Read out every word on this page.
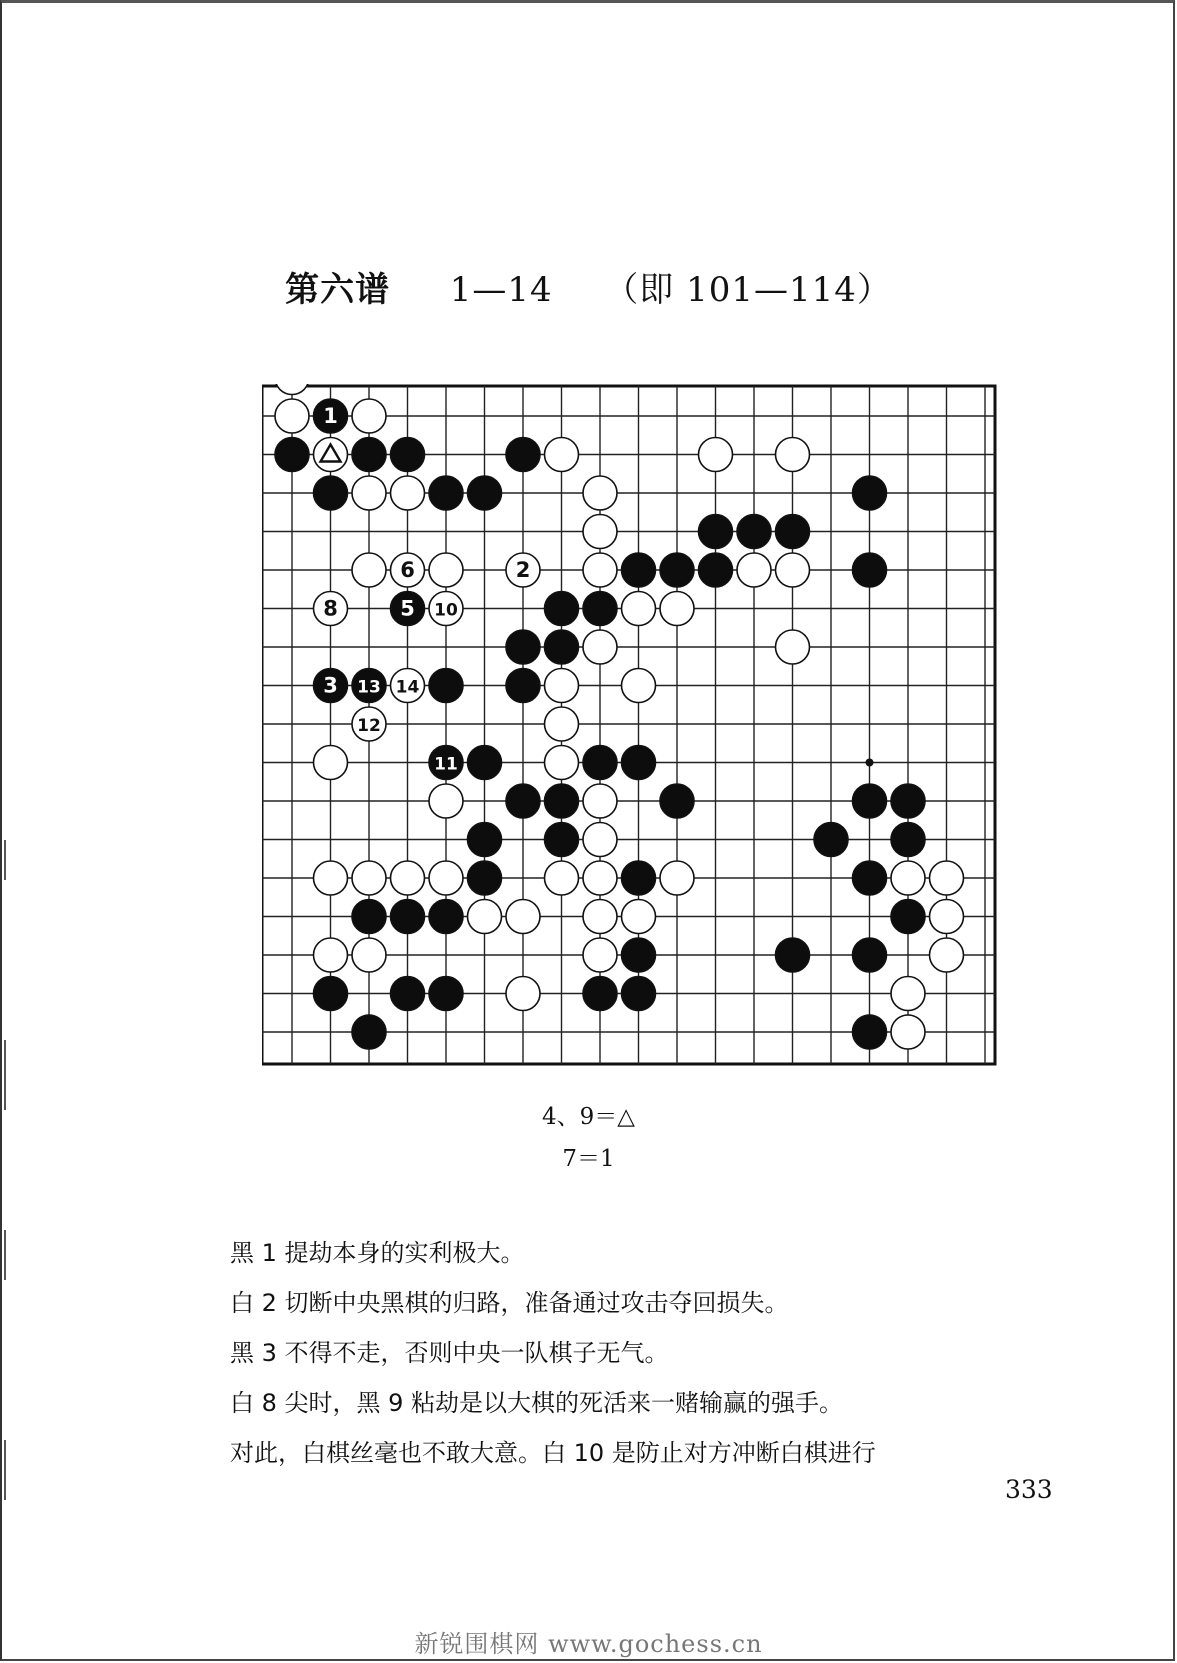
第六谱 1—14 （即 101—114）
1
6	2
8	5 10
3 13 14
12
11
4、9＝△
7＝1

黑 1 提劫本身的实利极大。

白 2 切断中央黑棋的归路，准备通过攻击夺回损失。

黑 3 不得不走，否则中央一队棋子无气。

白 8 尖时，黑 9 粘劫是以大棋的死活来一赌输赢的强手。

对此，白棋丝毫也不敢大意。白 10 是防止对方冲断白棋进行

333
新锐围棋网 www.gochess.cn
